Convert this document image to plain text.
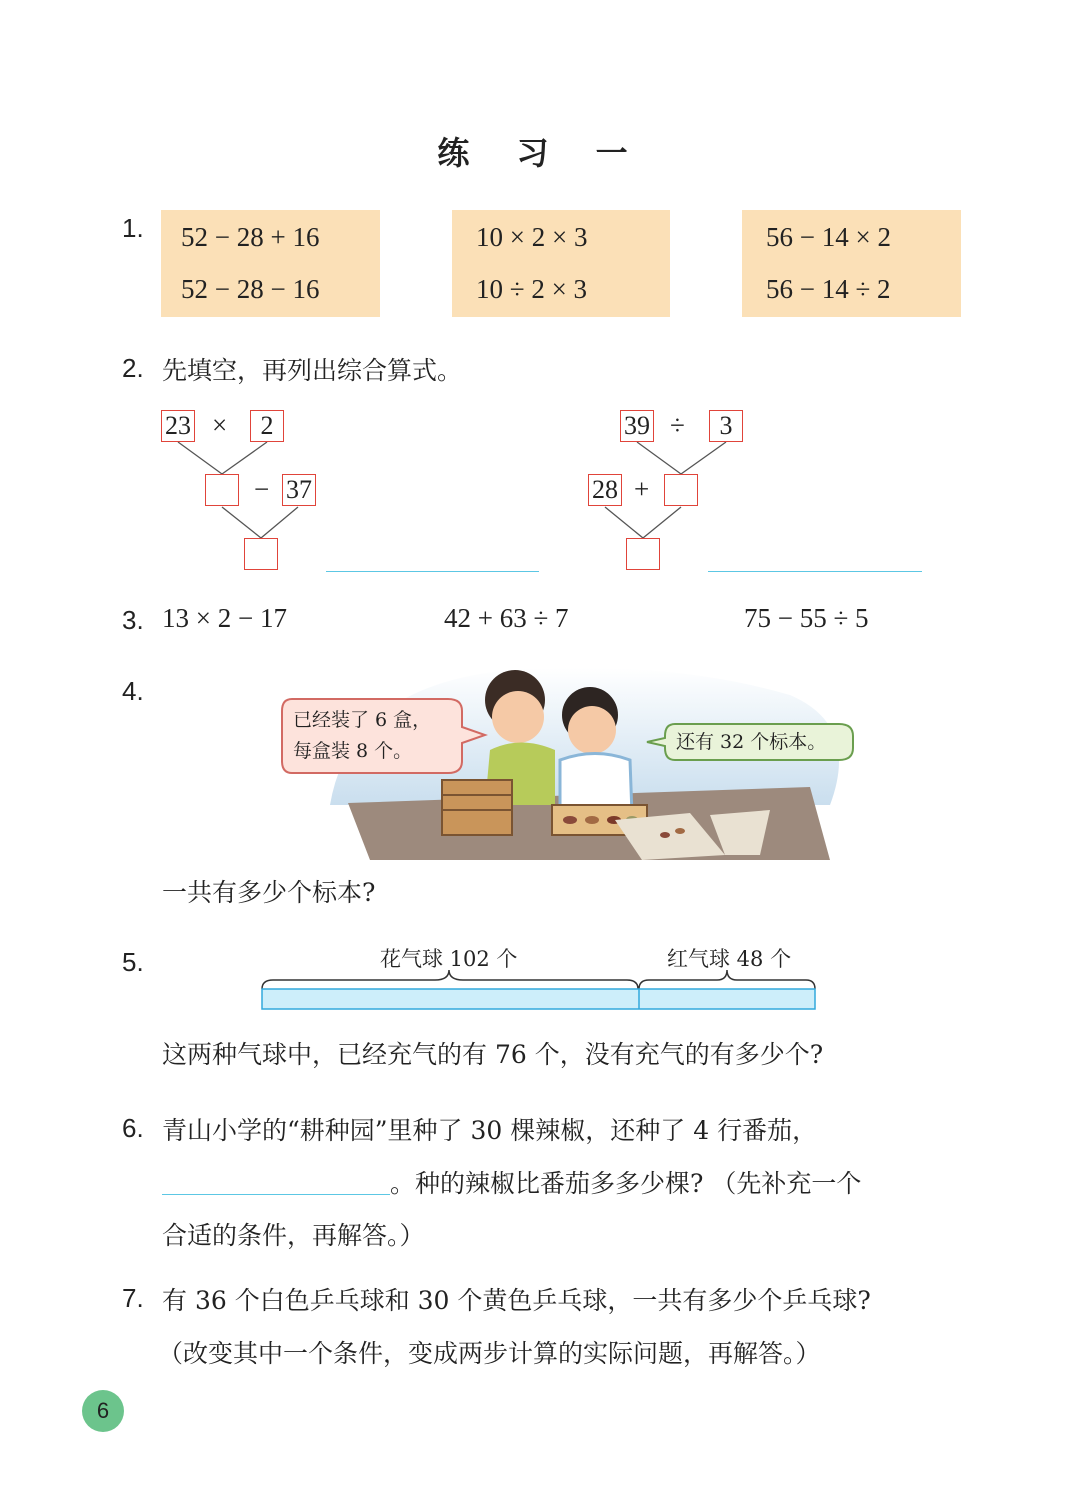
练 习 一
1. 52 − 28 + 16
52 − 28 − 16
10 × 2 × 3
10 ÷ 2 × 3
56 − 14 × 2
56 − 14 ÷ 2
2. 先填空，再列出综合算式。
23 ×	2
− 37
39 ÷	3
28 +
3. 13 × 2 − 17	42 + 63 ÷ 7	75 − 55 ÷ 5
4.
已经装了 6 盒，
每盒装 8 个。	还有 32 个标本。
一共有多少个标本?
5.	花气球 102 个	红气球 48 个
这两种气球中，已经充气的有 76 个，没有充气的有多少个?
6. 青山小学的“耕种园”里种了 30 棵辣椒，还种了 4 行番茄，
。种的辣椒比番茄多多少棵? （先补充一个
合适的条件，再解答。）
7. 有 36 个白色乒乓球和 30 个黄色乒乓球，一共有多少个乒乓球?
（改变其中一个条件，变成两步计算的实际问题，再解答。）
6
